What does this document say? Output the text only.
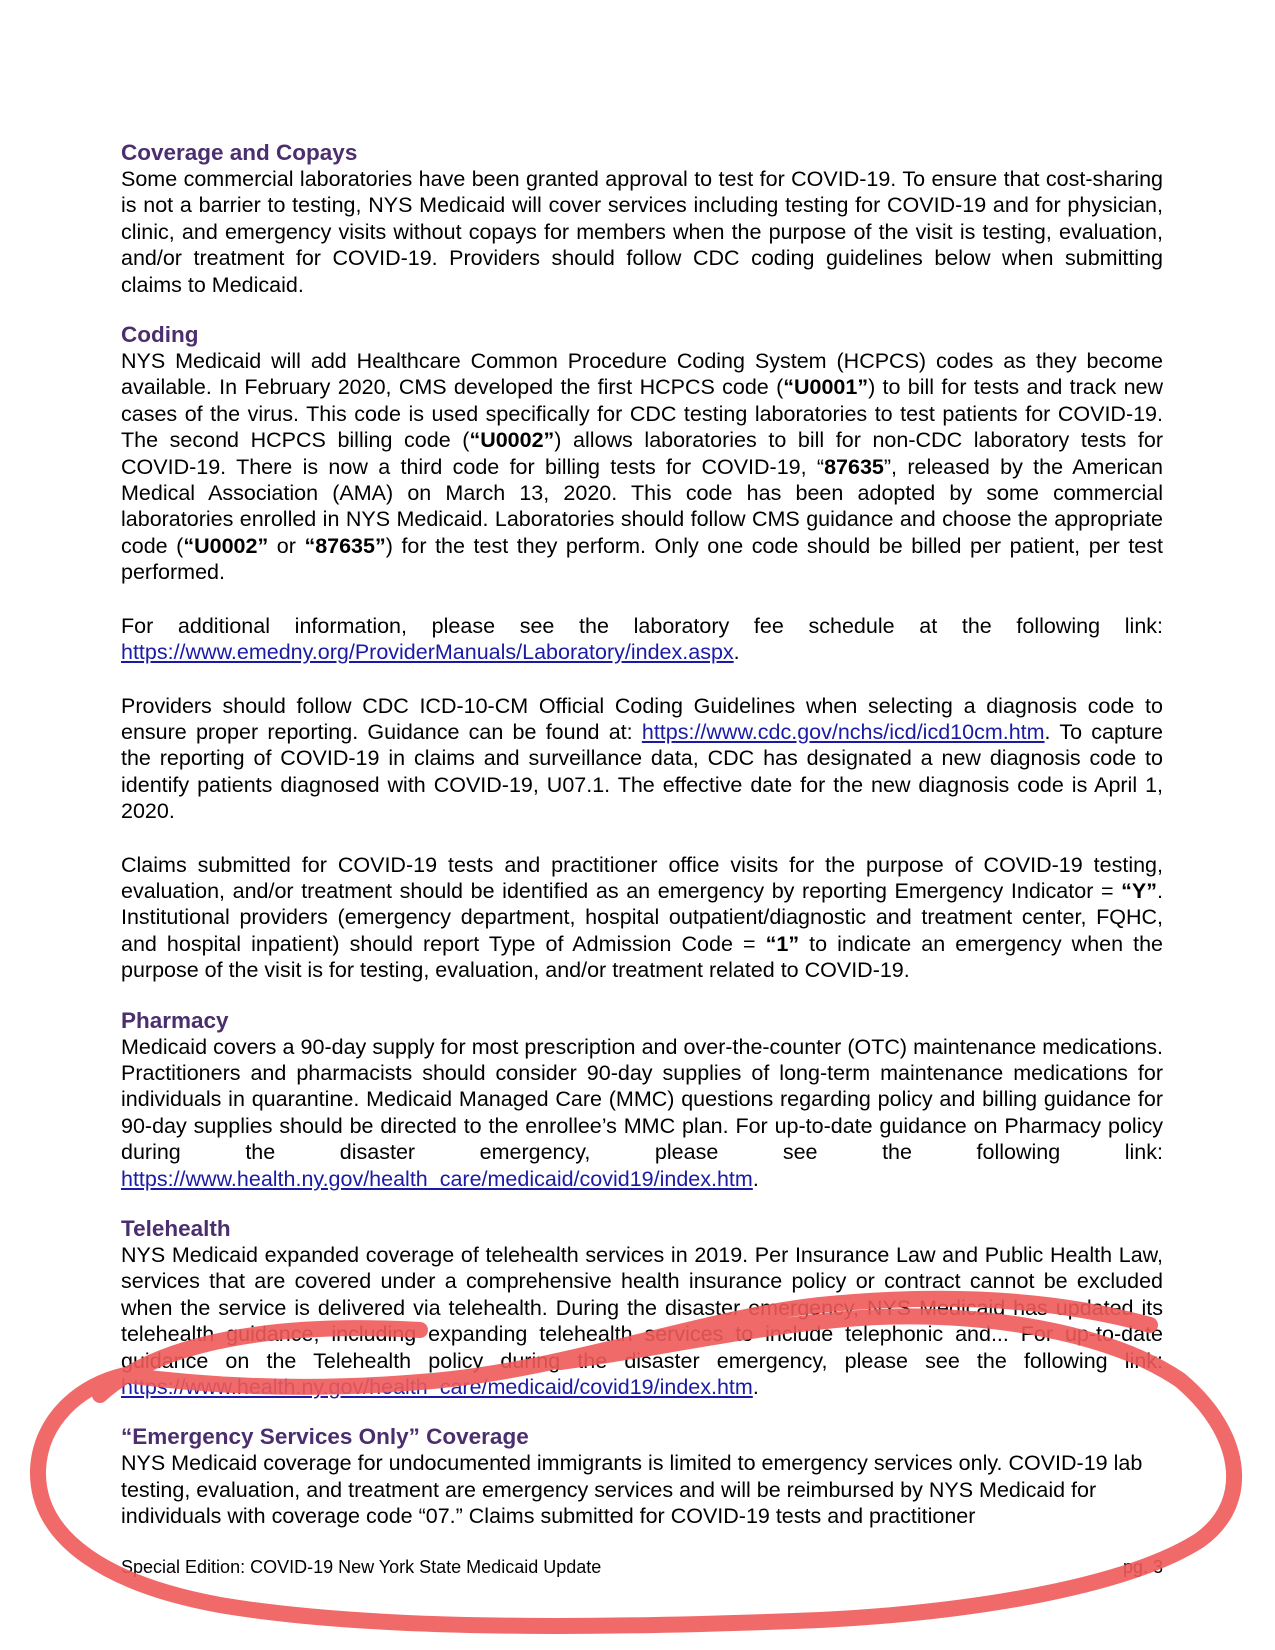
Coverage and Copays

Some commercial laboratories have been granted approval to test for COVID-19. To ensure that cost-sharing is not a barrier to testing, NYS Medicaid will cover services including testing for COVID-19 and for physician, clinic, and emergency visits without copays for members when the purpose of the visit is testing, evaluation, and/or treatment for COVID-19. Providers should follow CDC coding guidelines below when submitting claims to Medicaid.

Coding

NYS Medicaid will add Healthcare Common Procedure Coding System (HCPCS) codes as they become available. In February 2020, CMS developed the first HCPCS code (“U0001”) to bill for tests and track new cases of the virus. This code is used specifically for CDC testing laboratories to test patients for COVID-19. The second HCPCS billing code (“U0002”) allows laboratories to bill for non-CDC laboratory tests for COVID-19. There is now a third code for billing tests for COVID-19, “87635”, released by the American Medical Association (AMA) on March 13, 2020. This code has been adopted by some commercial laboratories enrolled in NYS Medicaid. Laboratories should follow CMS guidance and choose the appropriate code (“U0002” or “87635”) for the test they perform. Only one code should be billed per patient, per test performed.

For additional information, please see the laboratory fee schedule at the following link: https://www.emedny.org/ProviderManuals/Laboratory/index.aspx.

Providers should follow CDC ICD-10-CM Official Coding Guidelines when selecting a diagnosis code to ensure proper reporting. Guidance can be found at: https://www.cdc.gov/nchs/icd/icd10cm.htm. To capture the reporting of COVID-19 in claims and surveillance data, CDC has designated a new diagnosis code to identify patients diagnosed with COVID-19, U07.1. The effective date for the new diagnosis code is April 1, 2020.

Claims submitted for COVID-19 tests and practitioner office visits for the purpose of COVID-19 testing, evaluation, and/or treatment should be identified as an emergency by reporting Emergency Indicator = “Y”. Institutional providers (emergency department, hospital outpatient/diagnostic and treatment center, FQHC, and hospital inpatient) should report Type of Admission Code = “1” to indicate an emergency when the purpose of the visit is for testing, evaluation, and/or treatment related to COVID-19.

Pharmacy

Medicaid covers a 90-day supply for most prescription and over-the-counter (OTC) maintenance medications. Practitioners and pharmacists should consider 90-day supplies of long-term maintenance medications for individuals in quarantine. Medicaid Managed Care (MMC) questions regarding policy and billing guidance for 90-day supplies should be directed to the enrollee’s MMC plan. For up-to-date guidance on Pharmacy policy during the disaster emergency, please see the following link: https://www.health.ny.gov/health_care/medicaid/covid19/index.htm.

Telehealth

NYS Medicaid expanded coverage of telehealth services in 2019. Per Insurance Law and Public Health Law, services that are covered under a comprehensive health insurance policy or contract cannot be excluded when the service is delivered via telehealth. During the disaster emergency, NYS Medicaid has updated its telehealth guidance, including expanding telehealth services to include telephonic and... For up-to-date guidance on the Telehealth policy during the disaster emergency, please see the following link: https://www.health.ny.gov/health_care/medicaid/covid19/index.htm.

“Emergency Services Only” Coverage

NYS Medicaid coverage for undocumented immigrants is limited to emergency services only. COVID-19 lab testing, evaluation, and treatment are emergency services and will be reimbursed by NYS Medicaid for individuals with coverage code “07.” Claims submitted for COVID-19 tests and practitioner

Special Edition: COVID-19 New York State Medicaid Update	pg. 3
